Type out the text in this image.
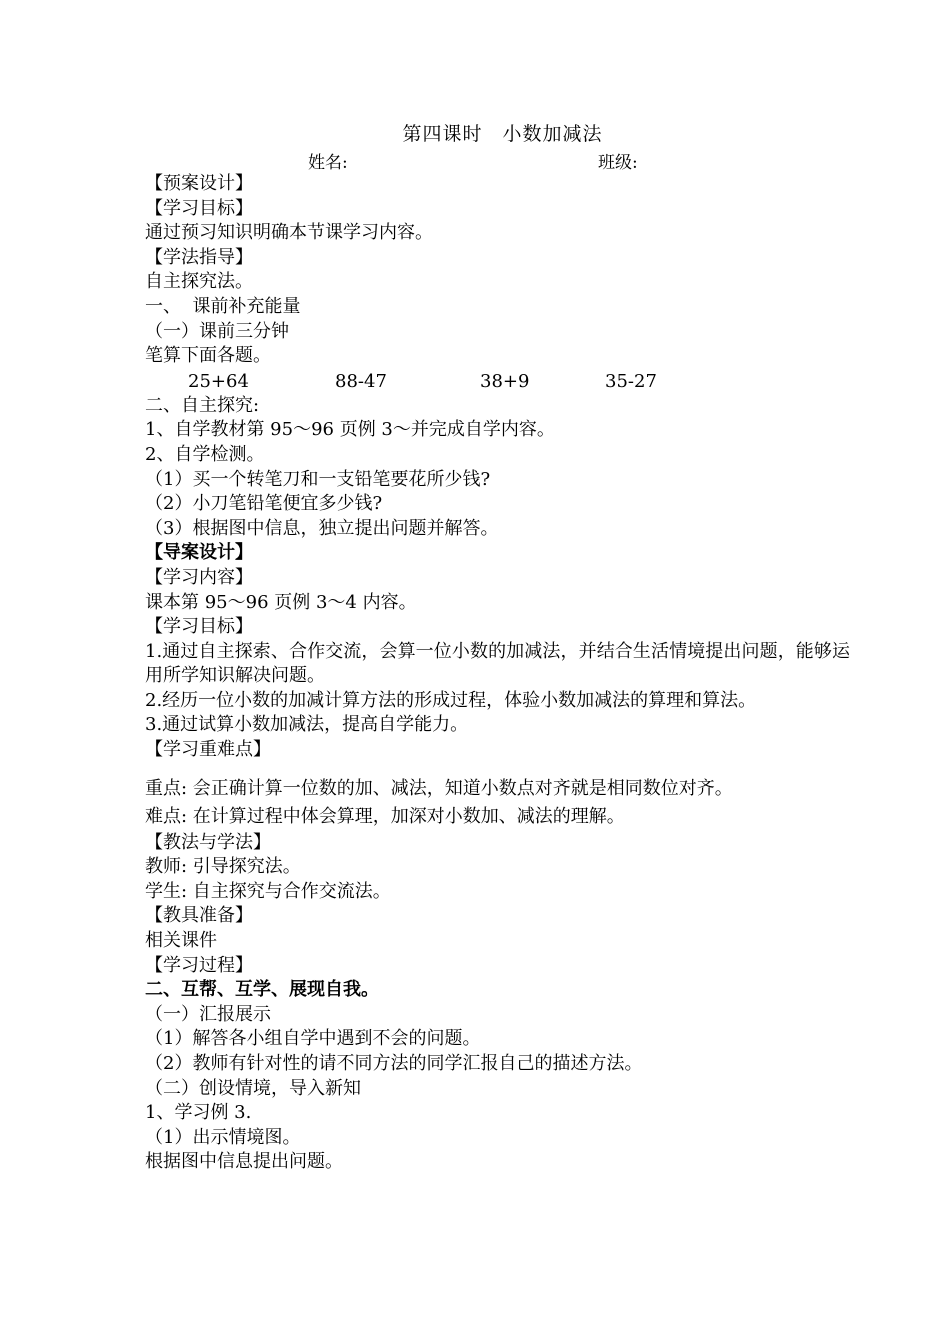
第四课时　小数加减法
姓名:	班级:
【预案设计】
【学习目标】
通过预习知识明确本节课学习内容。
【学法指导】
自主探究法。
一、  课前补充能量
（一）课前三分钟
笔算下面各题。
25+64	88-47	38+9	35-27
二、自主探究:
1、自学教材第 95～96 页例 3～并完成自学内容。
2、自学检测。
（1）买一个转笔刀和一支铅笔要花所少钱?
（2）小刀笔铅笔便宜多少钱?
（3）根据图中信息，独立提出问题并解答。
【导案设计】
【学习内容】
课本第 95～96 页例 3～4 内容。
【学习目标】
1.通过自主探索、合作交流，会算一位小数的加减法，并结合生活情境提出问题，能够运用所学知识解决问题。
2.经历一位小数的加减计算方法的形成过程，体验小数加减法的算理和算法。
3.通过试算小数加减法，提高自学能力。
【学习重难点】
重点: 会正确计算一位数的加、减法，知道小数点对齐就是相同数位对齐。
难点: 在计算过程中体会算理，加深对小数加、减法的理解。
【教法与学法】
教师: 引导探究法。
学生: 自主探究与合作交流法。
【教具准备】
相关课件
【学习过程】
二、互帮、互学、展现自我。
（一）汇报展示
（1）解答各小组自学中遇到不会的问题。
（2）教师有针对性的请不同方法的同学汇报自己的描述方法。
（二）创设情境，导入新知
1、学习例 3.
（1）出示情境图。
根据图中信息提出问题。
